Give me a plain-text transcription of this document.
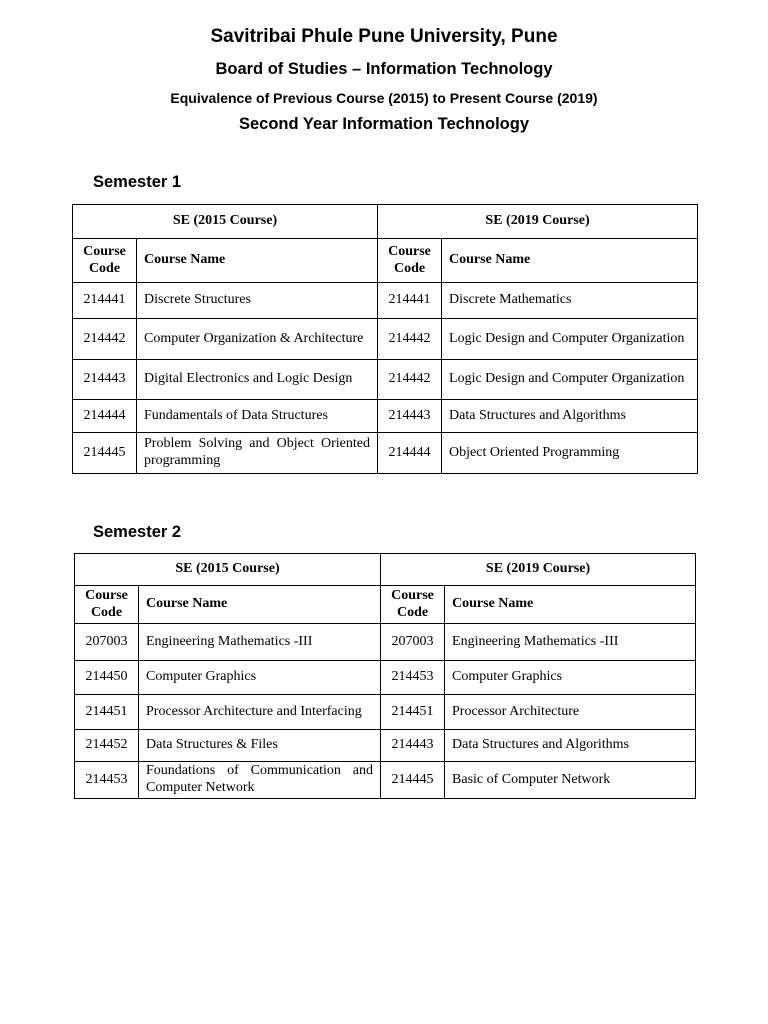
Savitribai Phule Pune University, Pune
Board of Studies – Information Technology
Equivalence of Previous Course (2015) to Present Course (2019)
Second Year Information Technology
Semester 1
SE (2015 Course)		SE (2019 Course)	
Course Code	Course Name	Course Code	Course Name
214441	Discrete Structures	214441	Discrete Mathematics
214442	Computer Organization & Architecture	214442	Logic Design and Computer Organization
214443	Digital Electronics and Logic Design	214442	Logic Design and Computer Organization
214444	Fundamentals of Data Structures	214443	Data Structures and Algorithms
214445	Problem Solving and Object Oriented programming	214444	Object Oriented Programming
Semester 2
SE (2015 Course)		SE (2019 Course)	
Course Code	Course Name	Course Code	Course Name
207003	Engineering Mathematics -III	207003	Engineering Mathematics -III
214450	Computer Graphics	214453	Computer Graphics
214451	Processor Architecture and Interfacing	214451	Processor Architecture
214452	Data Structures & Files	214443	Data Structures and Algorithms
214453	Foundations of Communication and Computer Network	214445	Basic of Computer Network
